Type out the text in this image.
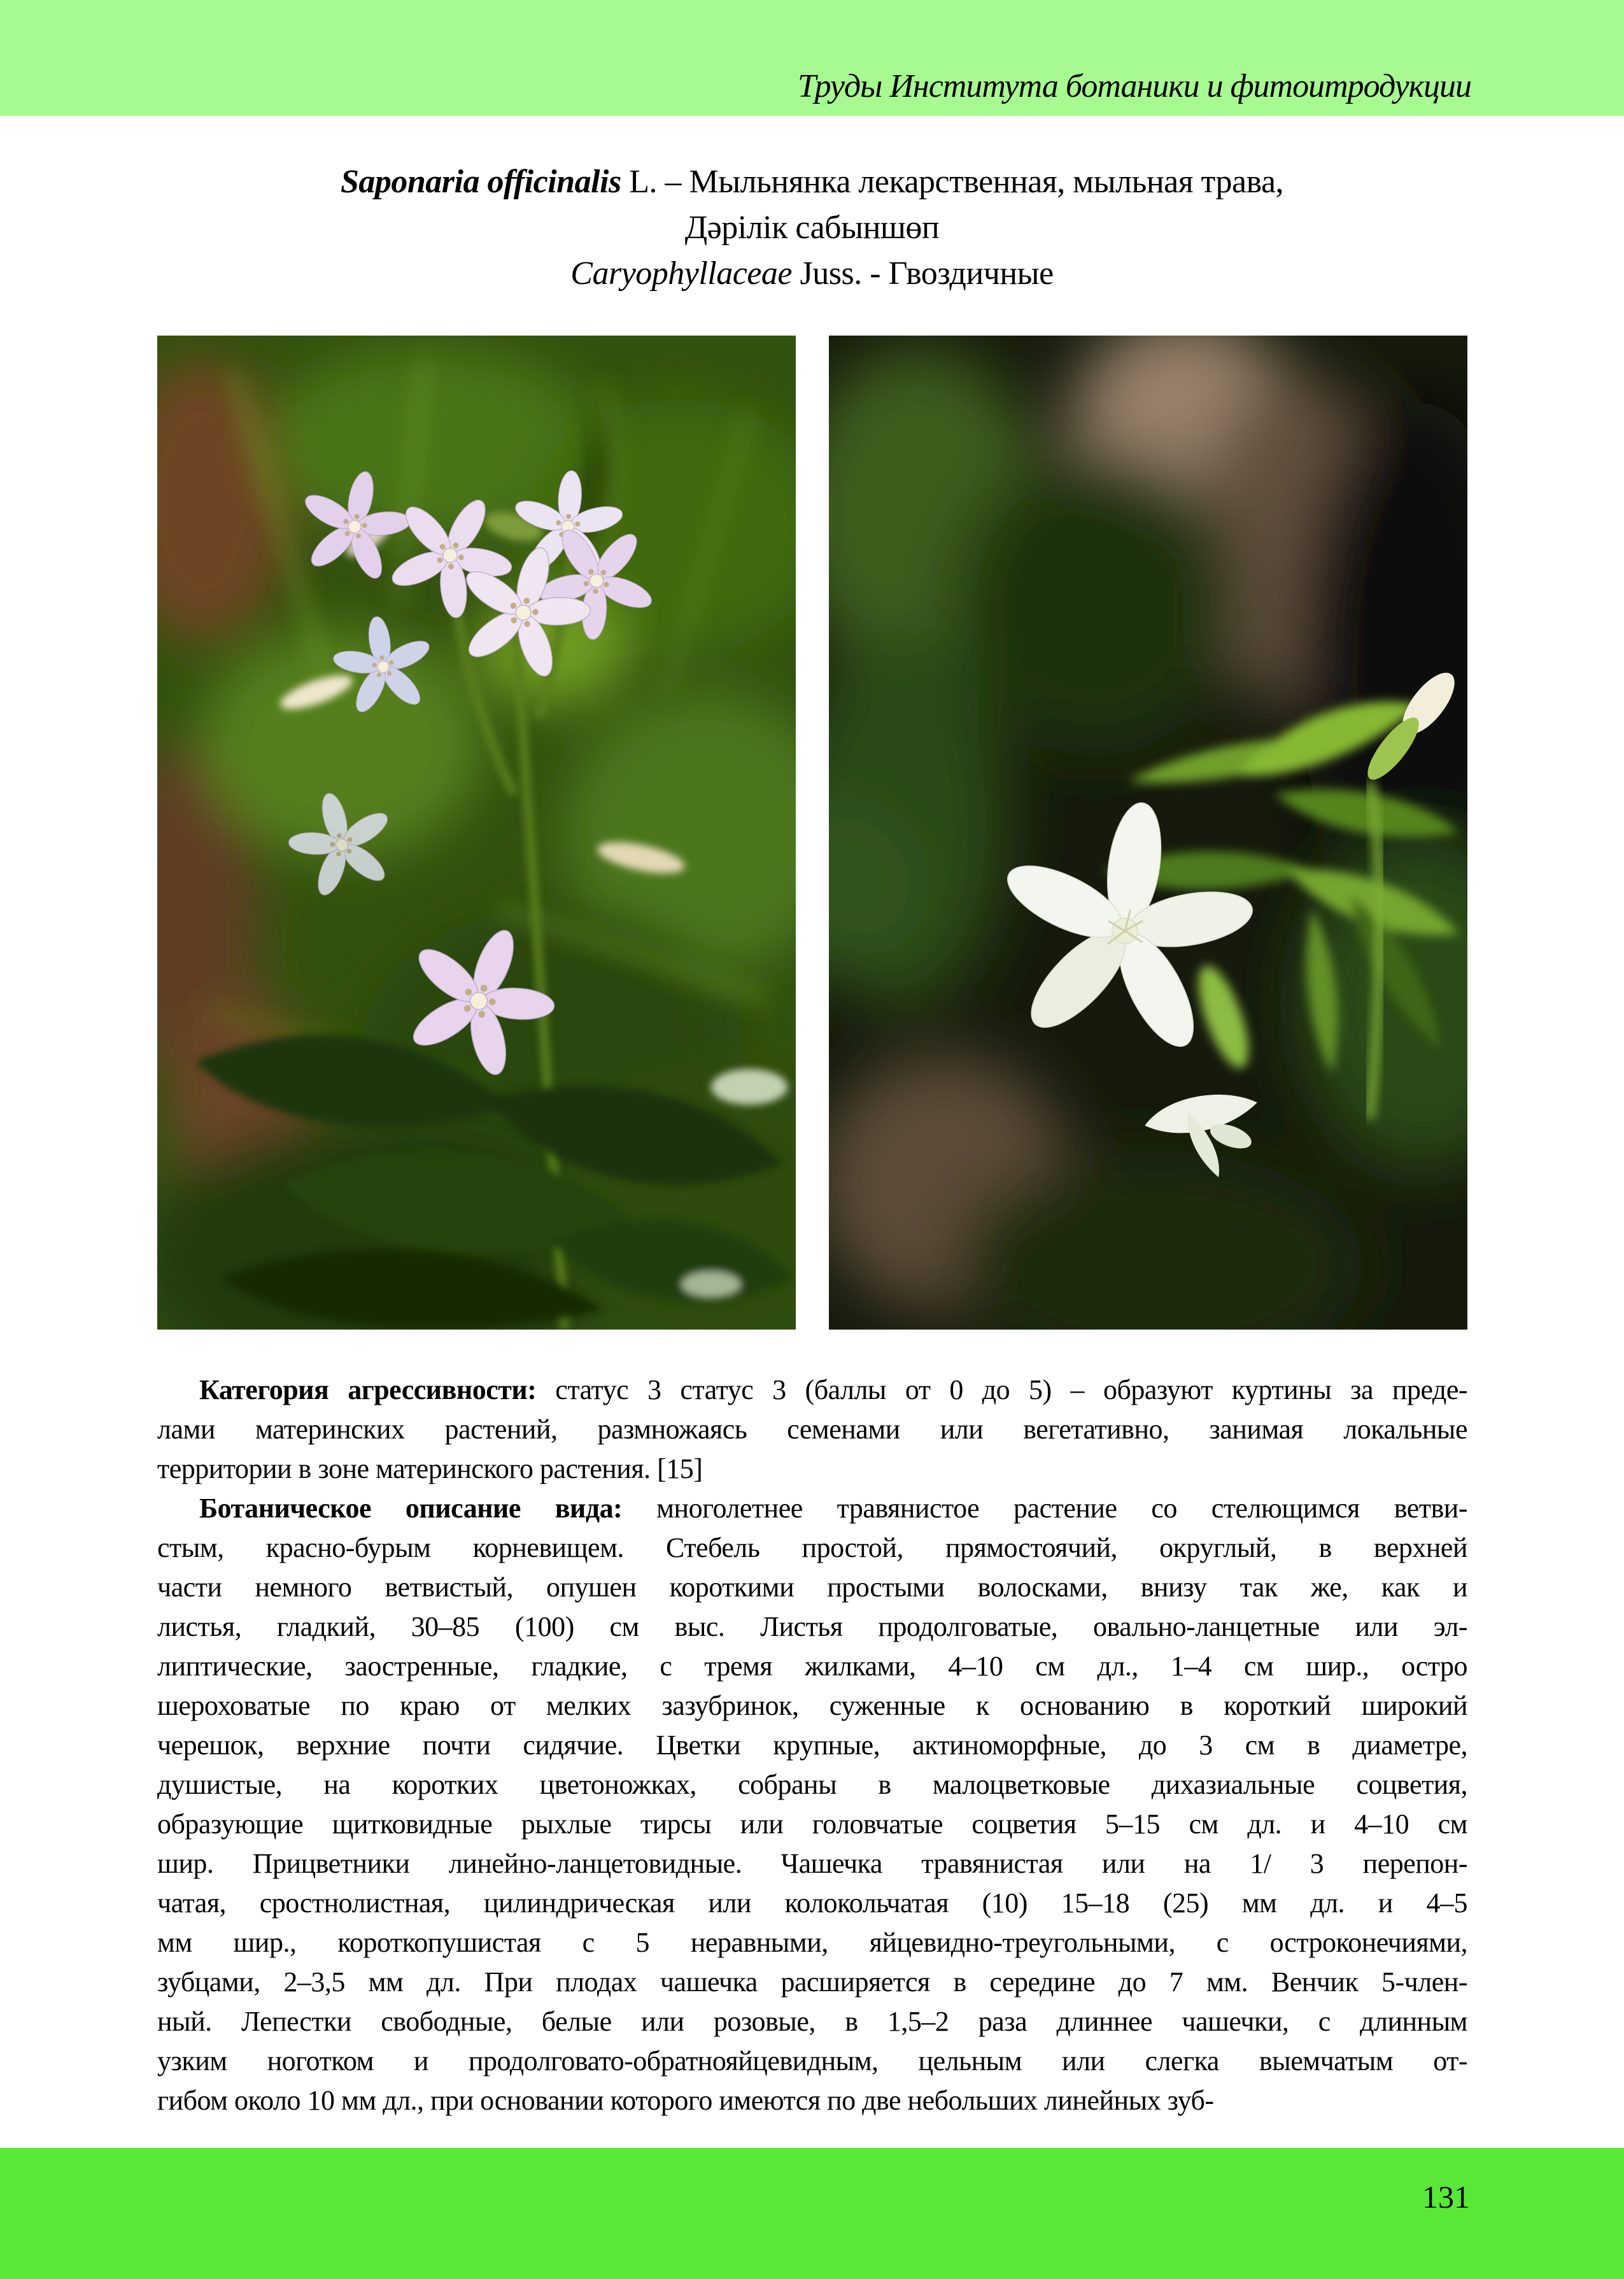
Труды Института ботаники и фитоитродукции
Saponaria officinalis L. – Мыльнянка лекарственная, мыльная трава,
Дәрілік сабыншөп
Caryophyllaceae Juss. - Гвоздичные
Категория агрессивности: статус 3 статус 3 (баллы от 0 до 5) – образуют куртины за преде-
лами материнских растений, размножаясь семенами или вегетативно, занимая локальные
территории в зоне материнского растения. [15]
Ботаническое описание вида: многолетнее травянистое растение со стелющимся ветви-
стым, красно-бурым корневищем. Стебель простой, прямостоячий, округлый, в верхней
части немного ветвистый, опушен короткими простыми волосками, внизу так же, как и
листья, гладкий, 30–85 (100) см выс. Листья продолговатые, овально-ланцетные или эл-
липтические, заостренные, гладкие, с тремя жилками, 4–10 см дл., 1–4 см шир., остро
шероховатые по краю от мелких зазубринок, суженные к основанию в короткий широкий
черешок, верхние почти сидячие. Цветки крупные, актиноморфные, до 3 см в диаметре,
душистые, на коротких цветоножках, собраны в малоцветковые дихазиальные соцветия,
образующие щитковидные рыхлые тирсы или головчатые соцветия 5–15 см дл. и 4–10 см
шир. Прицветники линейно-ланцетовидные. Чашечка травянистая или на 1/ 3 перепон-
чатая, сростнолистная, цилиндрическая или колокольчатая (10) 15–18 (25) мм дл. и 4–5
мм шир., короткопушистая с 5 неравными, яйцевидно-треугольными, с остроконечиями,
зубцами, 2–3,5 мм дл. При плодах чашечка расширяется в середине до 7 мм. Венчик 5-член-
ный. Лепестки свободные, белые или розовые, в 1,5–2 раза длиннее чашечки, с длинным
узким ноготком и продолговато-обратнояйцевидным, цельным или слегка выемчатым от-
гибом около 10 мм дл., при основании которого имеются по две небольших линейных зуб-
131
